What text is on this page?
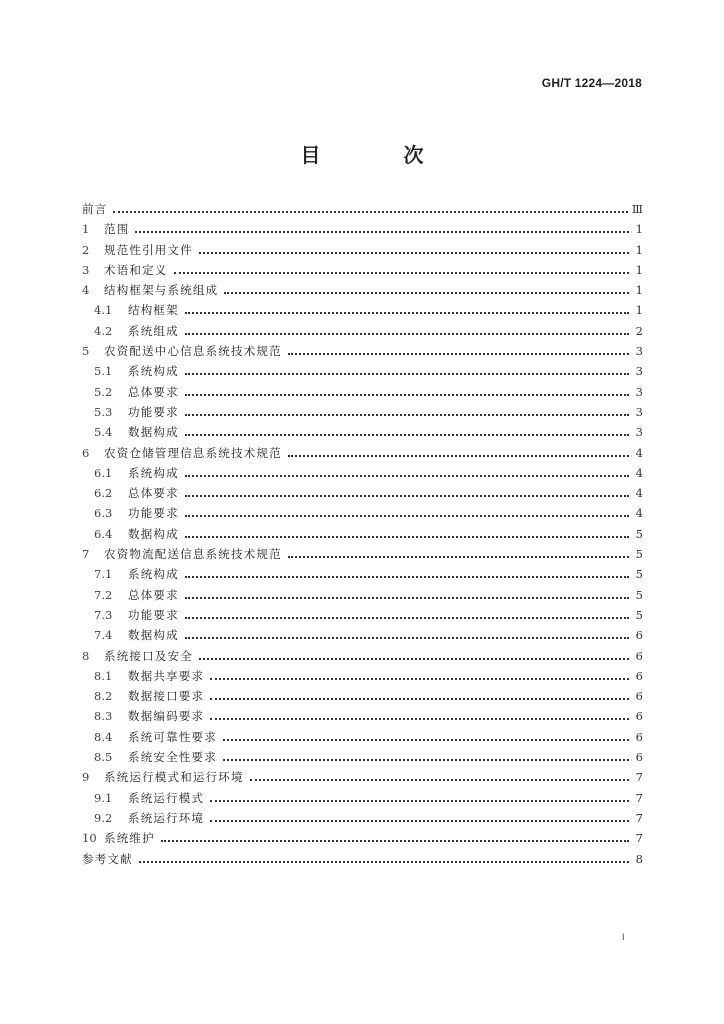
GH/T 1224—2018
目 次
前言	Ⅲ
1	范围	1
2	规范性引用文件	1
3	术语和定义	1
4	结构框架与系统组成	1
4.1	结构框架	1
4.2	系统组成	2
5	农资配送中心信息系统技术规范	3
5.1	系统构成	3
5.2	总体要求	3
5.3	功能要求	3
5.4	数据构成	3
6	农资仓储管理信息系统技术规范	4
6.1	系统构成	4
6.2	总体要求	4
6.3	功能要求	4
6.4	数据构成	5
7	农资物流配送信息系统技术规范	5
7.1	系统构成	5
7.2	总体要求	5
7.3	功能要求	5
7.4	数据构成	6
8	系统接口及安全	6
8.1	数据共享要求	6
8.2	数据接口要求	6
8.3	数据编码要求	6
8.4	系统可靠性要求	6
8.5	系统安全性要求	6
9	系统运行模式和运行环境	7
9.1	系统运行模式	7
9.2	系统运行环境	7
10 系统维护	7
参考文献	8
I
